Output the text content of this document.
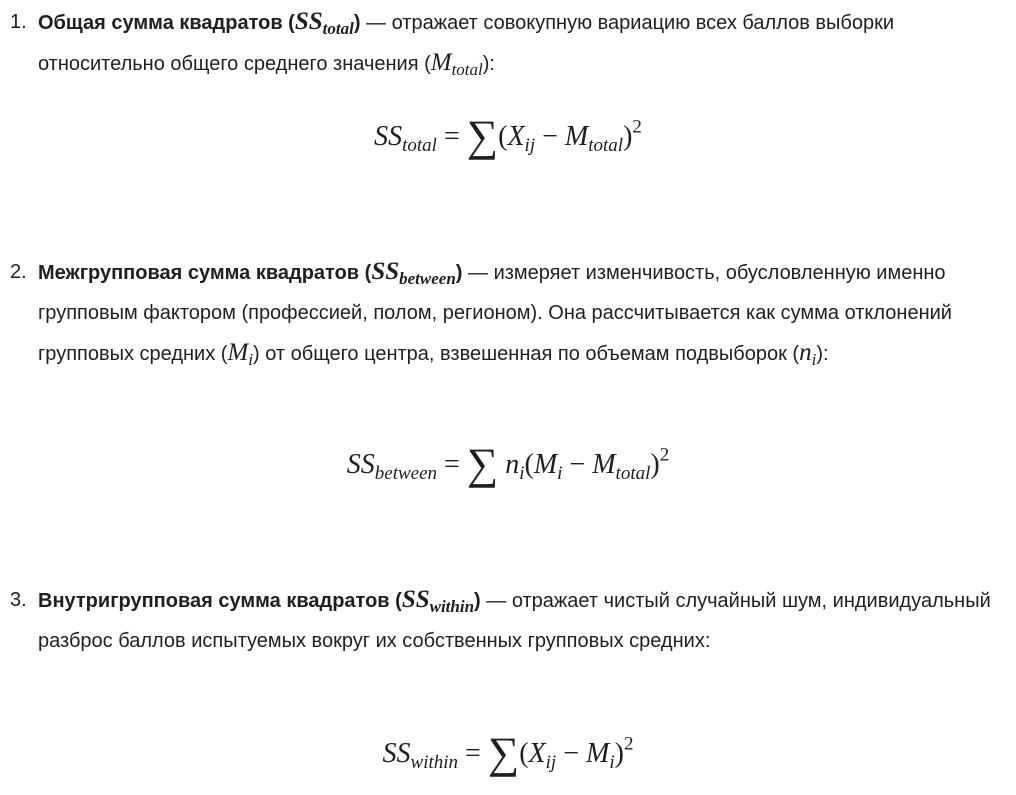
1. Общая сумма квадратов $(SS_{total})$ — отражает совокупную вариацию всех баллов выборки относительно общего среднего значения $(M_{total})$:
$SS_{total} = \sum(X_{ij} - M_{total})^2$
2. Межгрупповая сумма квадратов $(SS_{between})$ — измеряет изменчивость, обусловленную именно групповым фактором (профессией, полом, регионом). Она рассчитывается как сумма отклонений групповых средних $(M_i)$ от общего центра, взвешенная по объемам подвыборок $(n_i)$:
$SS_{between}$ = ∑ $n_i(M_i - M_{total})^2$
3. Внутригрупповая сумма квадратов $(SS_{within})$ — отражает чистый случайный шум, индивидуальный разброс баллов испытуемых вокруг их собственных групповых средних:
$SS_{within} = \sum(X_{ij} - M_i)^2$
